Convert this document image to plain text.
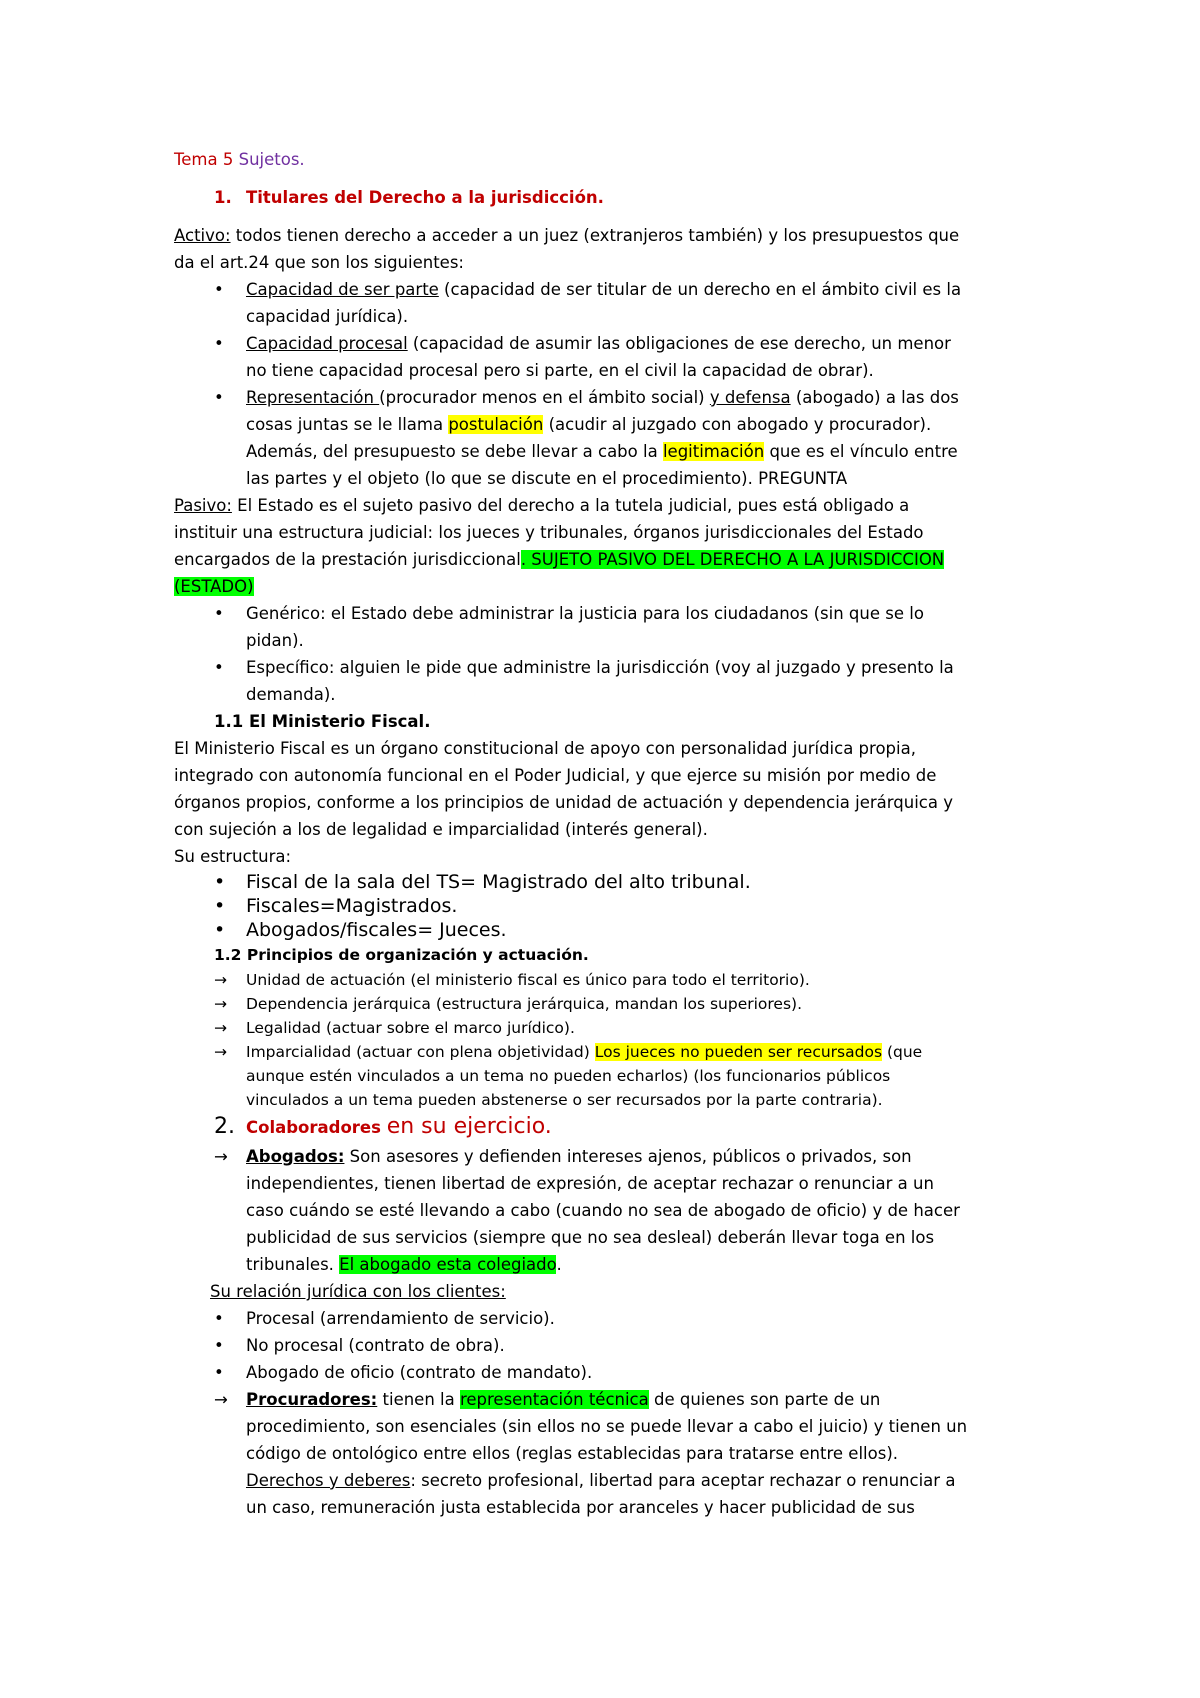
Tema 5 Sujetos.
1. Titulares del Derecho a la jurisdicción.
Activo: todos tienen derecho a acceder a un juez (extranjeros también) y los presupuestos que
da el art.24 que son los siguientes:
• Capacidad de ser parte (capacidad de ser titular de un derecho en el ámbito civil es la
capacidad jurídica).
• Capacidad procesal (capacidad de asumir las obligaciones de ese derecho, un menor
no tiene capacidad procesal pero si parte, en el civil la capacidad de obrar).
• Representación (procurador menos en el ámbito social) y defensa (abogado) a las dos
cosas juntas se le llama postulación (acudir al juzgado con abogado y procurador).
Además, del presupuesto se debe llevar a cabo la legitimación que es el vínculo entre
las partes y el objeto (lo que se discute en el procedimiento). PREGUNTA
Pasivo: El Estado es el sujeto pasivo del derecho a la tutela judicial, pues está obligado a
instituir una estructura judicial: los jueces y tribunales, órganos jurisdiccionales del Estado
encargados de la prestación jurisdiccional. SUJETO PASIVO DEL DERECHO A LA JURISDICCION
(ESTADO)
• Genérico: el Estado debe administrar la justicia para los ciudadanos (sin que se lo
pidan).
• Específico: alguien le pide que administre la jurisdicción (voy al juzgado y presento la
demanda).
1.1 El Ministerio Fiscal.
El Ministerio Fiscal es un órgano constitucional de apoyo con personalidad jurídica propia,
integrado con autonomía funcional en el Poder Judicial, y que ejerce su misión por medio de
órganos propios, conforme a los principios de unidad de actuación y dependencia jerárquica y
con sujeción a los de legalidad e imparcialidad (interés general).
Su estructura:
• Fiscal de la sala del TS= Magistrado del alto tribunal.
• Fiscales=Magistrados.
• Abogados/fiscales= Jueces.
1.2 Principios de organización y actuación.
→ Unidad de actuación (el ministerio fiscal es único para todo el territorio).
→ Dependencia jerárquica (estructura jerárquica, mandan los superiores).
→ Legalidad (actuar sobre el marco jurídico).
→ Imparcialidad (actuar con plena objetividad) Los jueces no pueden ser recursados (que
aunque estén vinculados a un tema no pueden echarlos) (los funcionarios públicos
vinculados a un tema pueden abstenerse o ser recursados por la parte contraria).
2. Colaboradores en su ejercicio.
→ Abogados: Son asesores y defienden intereses ajenos, públicos o privados, son
independientes, tienen libertad de expresión, de aceptar rechazar o renunciar a un
caso cuándo se esté llevando a cabo (cuando no sea de abogado de oficio) y de hacer
publicidad de sus servicios (siempre que no sea desleal) deberán llevar toga en los
tribunales. El abogado esta colegiado.
Su relación jurídica con los clientes:
• Procesal (arrendamiento de servicio).
• No procesal (contrato de obra).
• Abogado de oficio (contrato de mandato).
→ Procuradores: tienen la representación técnica de quienes son parte de un
procedimiento, son esenciales (sin ellos no se puede llevar a cabo el juicio) y tienen un
código de ontológico entre ellos (reglas establecidas para tratarse entre ellos).
Derechos y deberes: secreto profesional, libertad para aceptar rechazar o renunciar a
un caso, remuneración justa establecida por aranceles y hacer publicidad de sus
